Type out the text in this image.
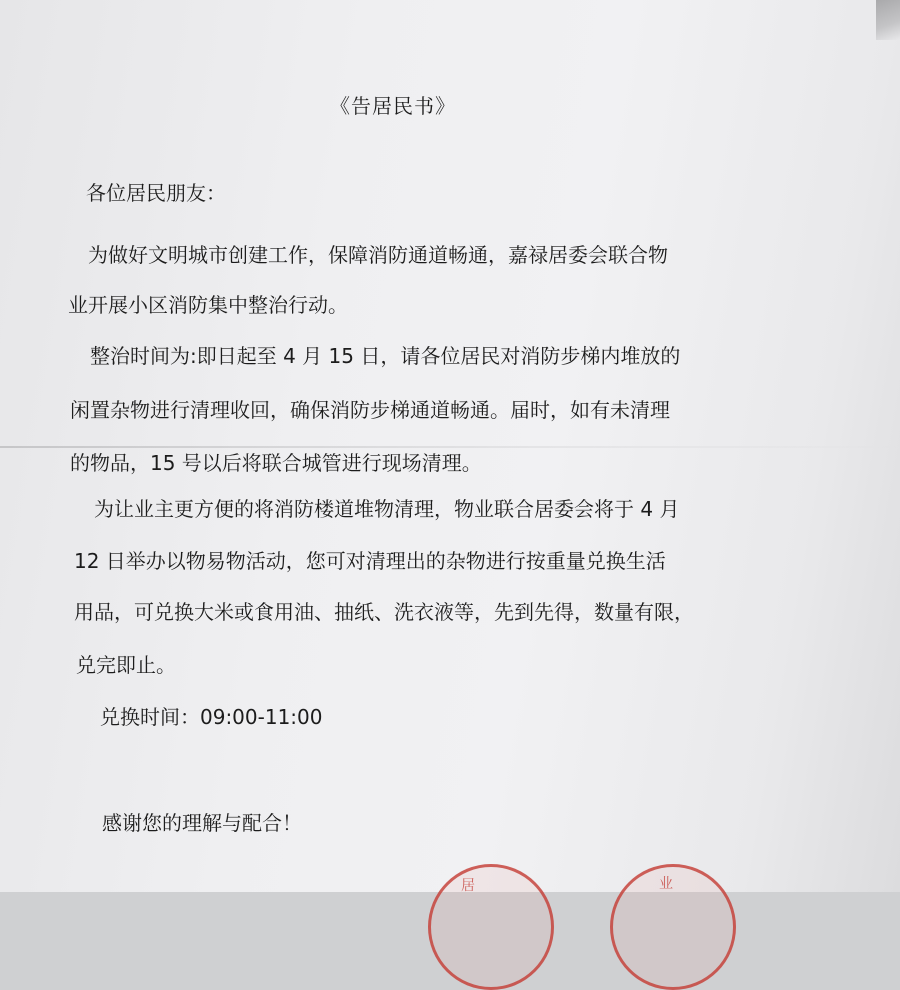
《告居民书》
各位居民朋友：
为做好文明城市创建工作，保障消防通道畅通，嘉禄居委会联合物
业开展小区消防集中整治行动。
整治时间为:即日起至 4 月 15 日，请各位居民对消防步梯内堆放的
闲置杂物进行清理收回，确保消防步梯通道畅通。届时，如有未清理
的物品，15 号以后将联合城管进行现场清理。
为让业主更方便的将消防楼道堆物清理，物业联合居委会将于 4 月
12 日举办以物易物活动，您可对清理出的杂物进行按重量兑换生活
用品，可兑换大米或食用油、抽纸、洗衣液等，先到先得，数量有限，
兑完即止。
兑换时间：09:00-11:00
感谢您的理解与配合！
居	业
